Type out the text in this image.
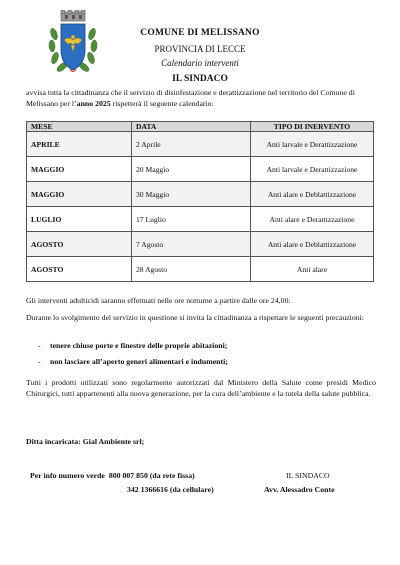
COMUNE DI MELISSANO
PROVINCIA DI LECCE
Calendario interventi
IL SINDACO
avvisa tutta la cittadinanza che il servizio di disinfestazione e derattizzazione nel territorio del Comune di Melissano per l’anno 2025 rispetterà il seguente calendario:
MESE	DATA	TIPO DI INERVENTO
APRILE	2 Aprile	Anti larvale e Derattizzazione
MAGGIO	20 Maggio	Anti larvale e Derattizzazione
MAGGIO	30 Maggio	Anti alare e Deblattizzazione
LUGLIO	17 Luglio	Anti alare e Derattizzazione
AGOSTO	7 Agosto	Anti alare e Deblattizzazione
AGOSTO	28 Agosto	Anti alare
Gli interventi adulticidi saranno effettuati nelle ore notturne a partire dalle ore 24,00.
Durante lo svolgimento del servizio in questione si invita la cittadinanza a rispettare le seguenti precauzioni:
- tenere chiuse porte e finestre delle proprie abitazioni;
- non lasciare all’aperto generi alimentari e indumenti;
Tutti i prodotti utilizzati sono regolarmente autorizzati dal Ministero della Salute come presidi Medico Chirurgici, tutti appartenenti alla nuova generazione, per la cura dell’ambiente e la tutela della salute pubblica.
Ditta incaricata: Gial Ambiente srl;
Per info numero verde 800 007 850 (da rete fissa)
342 1366616 (da cellulare)
IL SINDACO
Avv. Alessadro Conte
